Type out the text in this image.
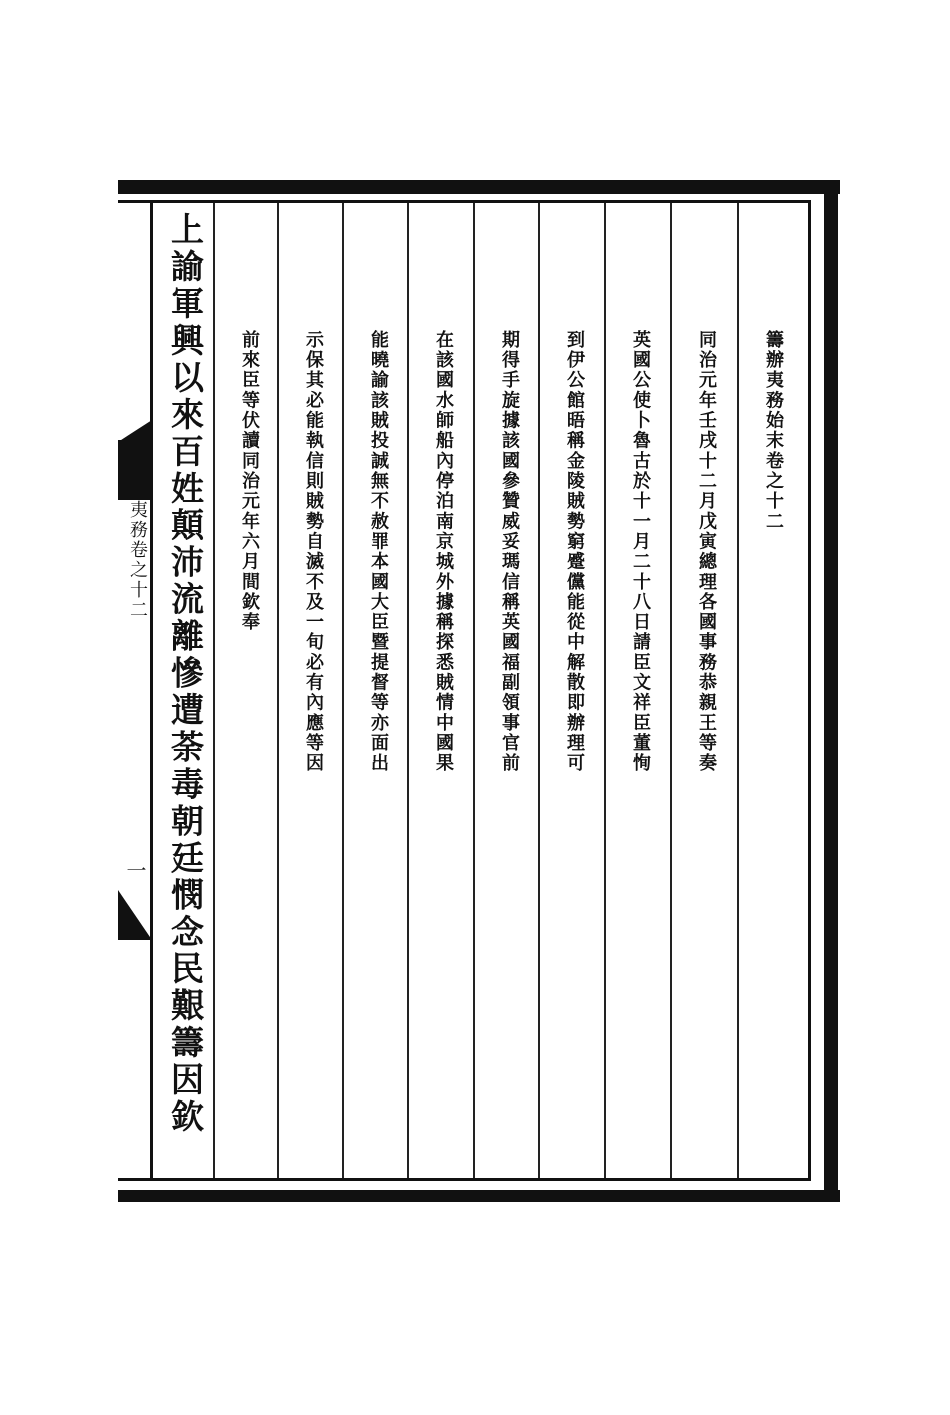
夷務卷之十二
一
籌辦夷務始末卷之十二
同治元年壬戌十二月戊寅總理各國事務恭親王等奏
英國公使卜魯古於十一月二十八日請臣文祥臣董恂
到伊公館晤稱金陵賊勢窮蹙儻能從中解散即辦理可
期得手旋據該國參贊威妥瑪信稱英國福副領事官前
在該國水師船內停泊南京城外據稱探悉賊情中國果
能曉諭該賊投誠無不赦罪本國大臣暨提督等亦面出
示保其必能執信則賊勢自滅不及一旬必有內應等因
前來臣等伏讀同治元年六月間欽奉
上諭軍興以來百姓顛沛流離慘遭荼毒朝廷憫念民艱籌因欽
